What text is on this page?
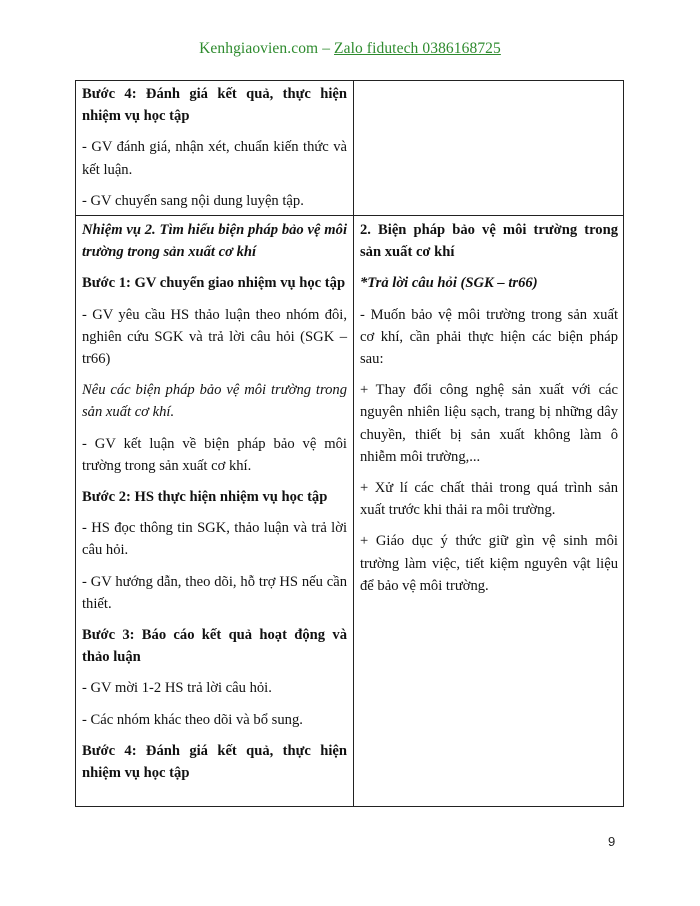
Kenhgiaovien.com – Zalo fidutech 0386168725

Bước 4: Đánh giá kết quả, thực hiện nhiệm vụ học tập

- GV đánh giá, nhận xét, chuẩn kiến thức và kết luận.

- GV chuyển sang nội dung luyện tập.

Nhiệm vụ 2. Tìm hiểu biện pháp bảo vệ môi trường trong sản xuất cơ khí

Bước 1: GV chuyển giao nhiệm vụ học tập

- GV yêu cầu HS thảo luận theo nhóm đôi, nghiên cứu SGK và trả lời câu hỏi (SGK – tr66)

Nêu các biện pháp bảo vệ môi trường trong sản xuất cơ khí.

- GV kết luận về biện pháp bảo vệ môi trường trong sản xuất cơ khí.

Bước 2: HS thực hiện nhiệm vụ học tập

- HS đọc thông tin SGK, thảo luận và trả lời câu hỏi.

- GV hướng dẫn, theo dõi, hỗ trợ HS nếu cần thiết.

Bước 3: Báo cáo kết quả hoạt động và thảo luận

- GV mời 1-2 HS trả lời câu hỏi.

- Các nhóm khác theo dõi và bổ sung.

Bước 4: Đánh giá kết quả, thực hiện nhiệm vụ học tập

2. Biện pháp bảo vệ môi trường trong sản xuất cơ khí

*Trả lời câu hỏi (SGK – tr66)

- Muốn bảo vệ môi trường trong sản xuất cơ khí, cần phải thực hiện các biện pháp sau:

+ Thay đổi công nghệ sản xuất với các nguyên nhiên liệu sạch, trang bị những dây chuyền, thiết bị sản xuất không làm ô nhiễm môi trường,...

+ Xử lí các chất thải trong quá trình sản xuất trước khi thải ra môi trường.

+ Giáo dục ý thức giữ gìn vệ sinh môi trường làm việc, tiết kiệm nguyên vật liệu để bảo vệ môi trường.

9
